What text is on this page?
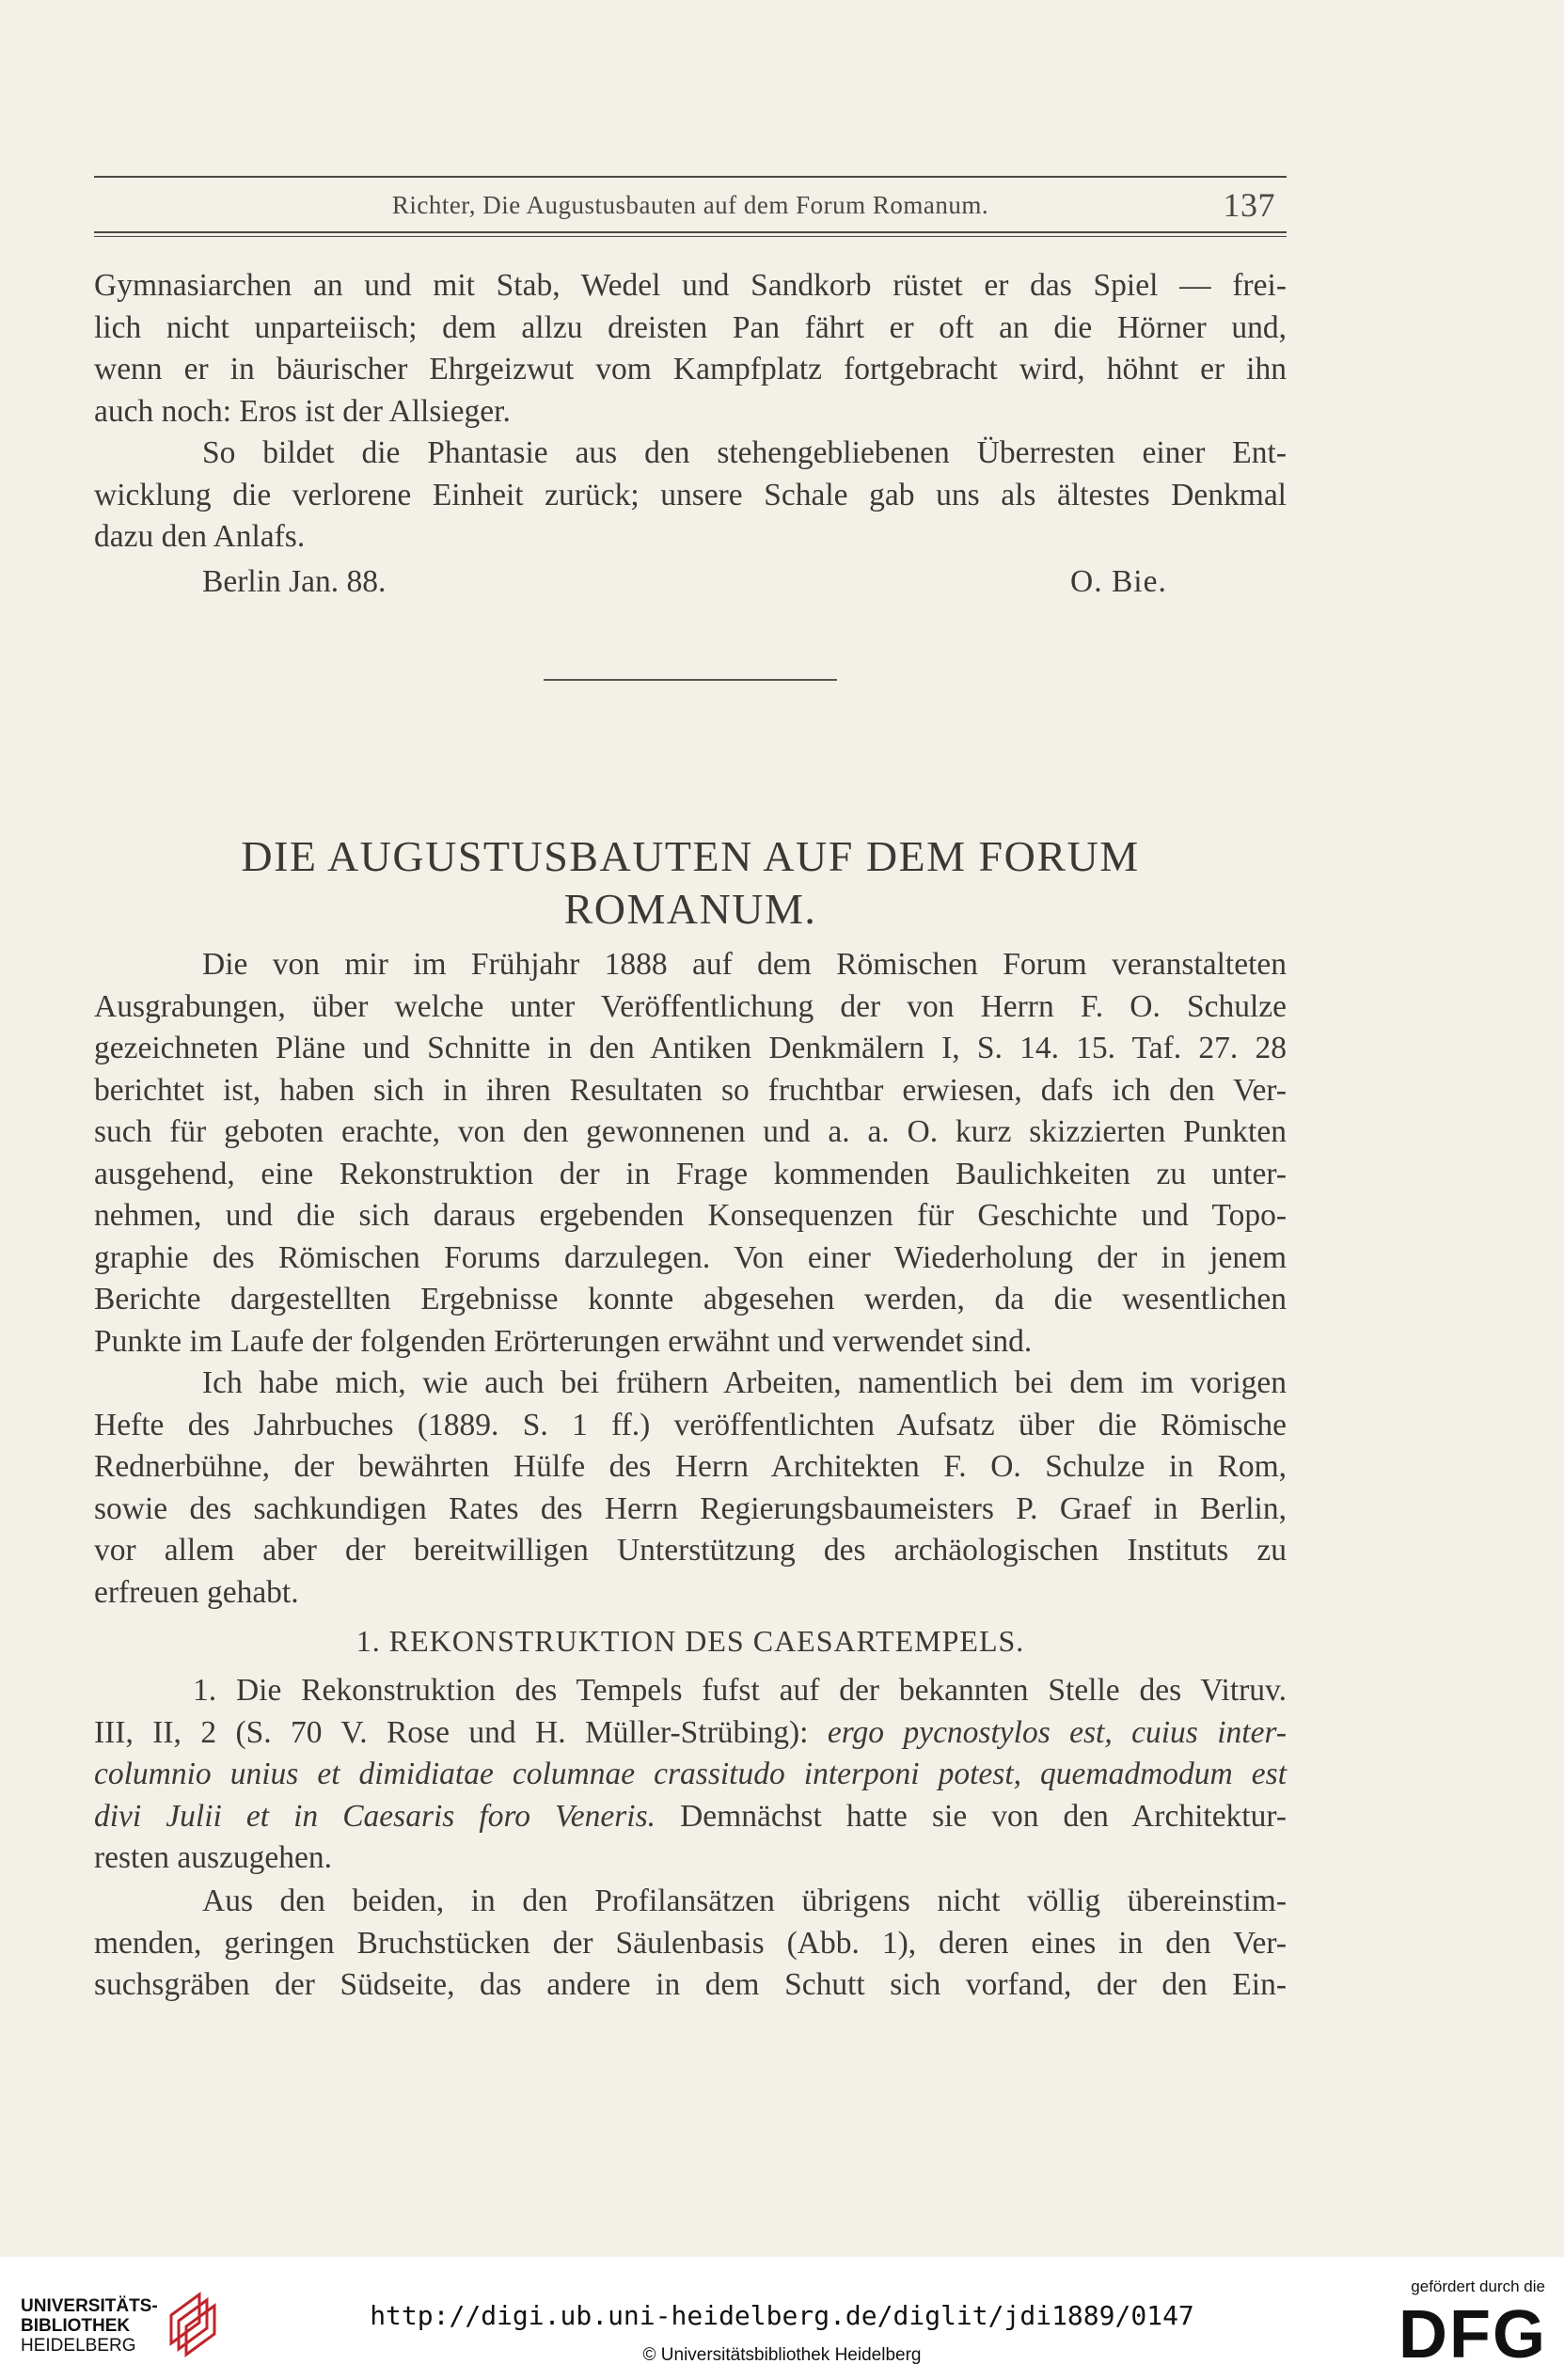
Richter, Die Augustusbauten auf dem Forum Romanum.	137
Gymnasiarchen an und mit Stab, Wedel und Sandkorb rüstet er das Spiel — frei-
lich nicht unparteiisch; dem allzu dreisten Pan fährt er oft an die Hörner und,
wenn er in bäurischer Ehrgeizwut vom Kampfplatz fortgebracht wird, höhnt er ihn
auch noch: Eros ist der Allsieger.
So bildet die Phantasie aus den stehengebliebenen Überresten einer Ent-
wicklung die verlorene Einheit zurück; unsere Schale gab uns als ältestes Denkmal
dazu den Anlafs.
Berlin Jan. 88.	O. Bie.
DIE AUGUSTUSBAUTEN AUF DEM FORUM
ROMANUM.
Die von mir im Frühjahr 1888 auf dem Römischen Forum veranstalteten
Ausgrabungen, über welche unter Veröffentlichung der von Herrn F. O. Schulze
gezeichneten Pläne und Schnitte in den Antiken Denkmälern I, S. 14. 15. Taf. 27. 28
berichtet ist, haben sich in ihren Resultaten so fruchtbar erwiesen, dafs ich den Ver-
such für geboten erachte, von den gewonnenen und a. a. O. kurz skizzierten Punkten
ausgehend, eine Rekonstruktion der in Frage kommenden Baulichkeiten zu unter-
nehmen, und die sich daraus ergebenden Konsequenzen für Geschichte und Topo-
graphie des Römischen Forums darzulegen. Von einer Wiederholung der in jenem
Berichte dargestellten Ergebnisse konnte abgesehen werden, da die wesentlichen
Punkte im Laufe der folgenden Erörterungen erwähnt und verwendet sind.
Ich habe mich, wie auch bei frühern Arbeiten, namentlich bei dem im vorigen
Hefte des Jahrbuches (1889. S. 1 ff.) veröffentlichten Aufsatz über die Römische
Rednerbühne, der bewährten Hülfe des Herrn Architekten F. O. Schulze in Rom,
sowie des sachkundigen Rates des Herrn Regierungsbaumeisters P. Graef in Berlin,
vor allem aber der bereitwilligen Unterstützung des archäologischen Instituts zu
erfreuen gehabt.
1. REKONSTRUKTION DES CAESARTEMPELS.
1. Die Rekonstruktion des Tempels fufst auf der bekannten Stelle des Vitruv.
III, II, 2 (S. 70 V. Rose und H. Müller-Strübing): ergo pycnostylos est, cuius inter-
columnio unius et dimidiatae columnae crassitudo interponi potest, quemadmodum est
divi Julii et in Caesaris foro Veneris. Demnächst hatte sie von den Architektur-
resten auszugehen.
Aus den beiden, in den Profilansätzen übrigens nicht völlig übereinstim-
menden, geringen Bruchstücken der Säulenbasis (Abb. 1), deren eines in den Ver-
suchsgräben der Südseite, das andere in dem Schutt sich vorfand, der den Ein-
UNIVERSITÄTS-
BIBLIOTHEK
HEIDELBERG
http://digi.ub.uni-heidelberg.de/diglit/jdi1889/0147
© Universitätsbibliothek Heidelberg
gefördert durch die
DFG
